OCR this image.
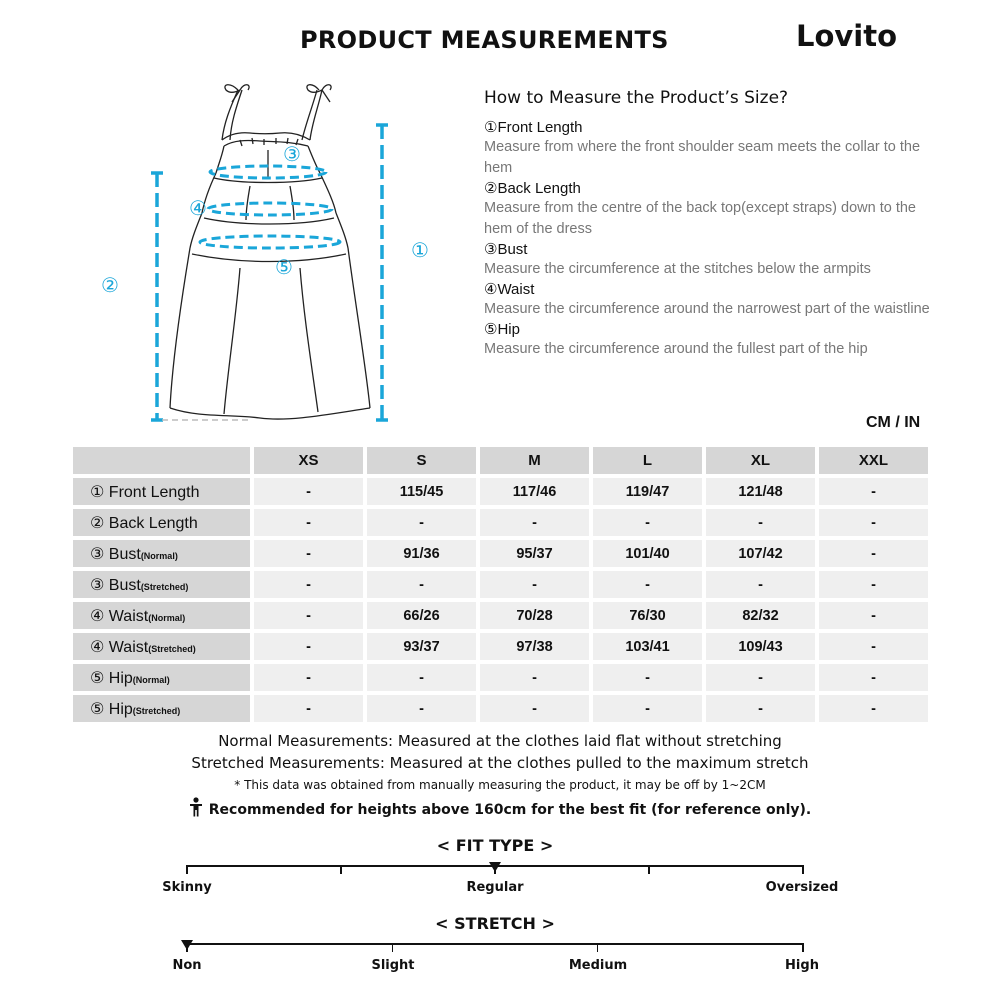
PRODUCT MEASUREMENTS	Lovito
③
④
⑤
①
②
How to Measure the Product’s Size?
①Front Length
Measure from where the front shoulder seam meets the collar to the hem
②Back Length
Measure from the centre of the back top(except straps) down to the hem of the dress
③Bust
Measure the circumference at the stitches below the armpits
④Waist
Measure the circumference around the narrowest part of the waistline
⑤Hip
Measure the circumference around the fullest part of the hip
CM / IN
	XS	S	M	L	XL	XXL
① Front Length	-	115/45	117/46	119/47	121/48	-
② Back Length	-	-	-	-	-	-
③ Bust(Normal)	-	91/36	95/37	101/40	107/42	-
③ Bust(Stretched)	-	-	-	-	-	-
④ Waist(Normal)	-	66/26	70/28	76/30	82/32	-
④ Waist(Stretched)	-	93/37	97/38	103/41	109/43	-
⑤ Hip(Normal)	-	-	-	-	-	-
⑤ Hip(Stretched)	-	-	-	-	-	-
Normal Measurements: Measured at the clothes laid flat without stretching
Stretched Measurements: Measured at the clothes pulled to the maximum stretch
* This data was obtained from manually measuring the product, it may be off by 1~2CM
Recommended for heights above 160cm for the best fit (for reference only).
< FIT TYPE >
Skinny	Regular	Oversized
< STRETCH >
Non	Slight	Medium	High
